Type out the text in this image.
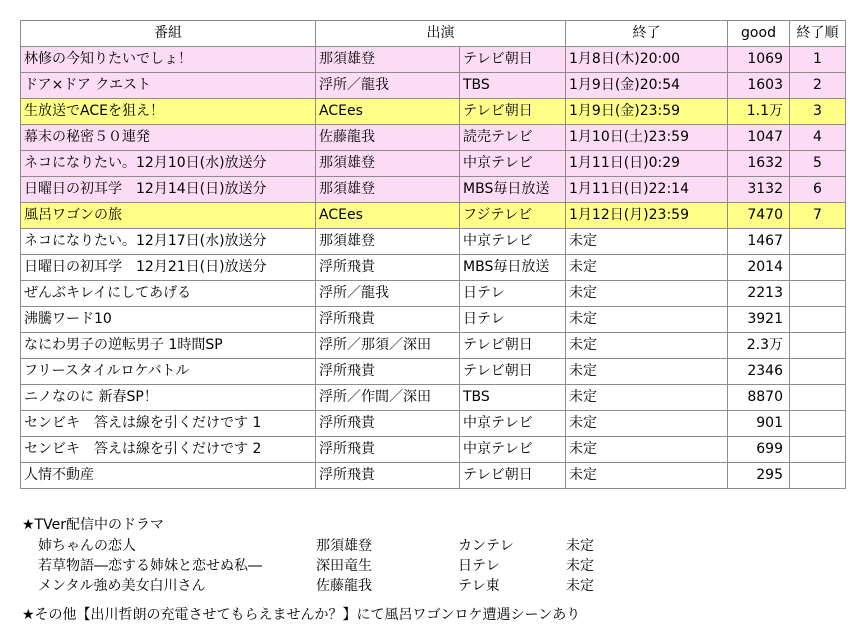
番組	出演		終了	good	終了順
林修の今知りたいでしょ！	那須雄登	テレビ朝日	1月8日(木)20:00	1069	1
ドア×ドア クエスト	浮所／龍我	TBS	1月9日(金)20:54	1603	2
生放送でACEを狙え！	ACEes	テレビ朝日	1月9日(金)23:59	1.1万	3
幕末の秘密５０連発	佐藤龍我	読売テレビ	1月10日(土)23:59	1047	4
ネコになりたい。12月10日(水)放送分	那須雄登	中京テレビ	1月11日(日)0:29	1632	5
日曜日の初耳学　12月14日(日)放送分	那須雄登	MBS毎日放送	1月11日(日)22:14	3132	6
風呂ワゴンの旅	ACEes	フジテレビ	1月12日(月)23:59	7470	7
ネコになりたい。12月17日(水)放送分	那須雄登	中京テレビ	未定	1467	
日曜日の初耳学　12月21日(日)放送分	浮所飛貴	MBS毎日放送	未定	2014	
ぜんぶキレイにしてあげる	浮所／龍我	日テレ	未定	2213	
沸騰ワード10	浮所飛貴	日テレ	未定	3921	
なにわ男子の逆転男子 1時間SP	浮所／那須／深田	テレビ朝日	未定	2.3万	
フリースタイルロケバトル	浮所飛貴	テレビ朝日	未定	2346	
ニノなのに 新春SP！	浮所／作間／深田	TBS	未定	8870	
センビキ　答えは線を引くだけです 1	浮所飛貴	中京テレビ	未定	901	
センビキ　答えは線を引くだけです 2	浮所飛貴	中京テレビ	未定	699	
人情不動産	浮所飛貴	テレビ朝日	未定	295	
★TVer配信中のドラマ
姉ちゃんの恋人	那須雄登	カンテレ	未定
若草物語―恋する姉妹と恋せぬ私―	深田竜生	日テレ	未定
メンタル強め美女白川さん	佐藤龍我	テレ東	未定
★その他【出川哲朗の充電させてもらえませんか？】にて風呂ワゴンロケ遭遇シーンあり
